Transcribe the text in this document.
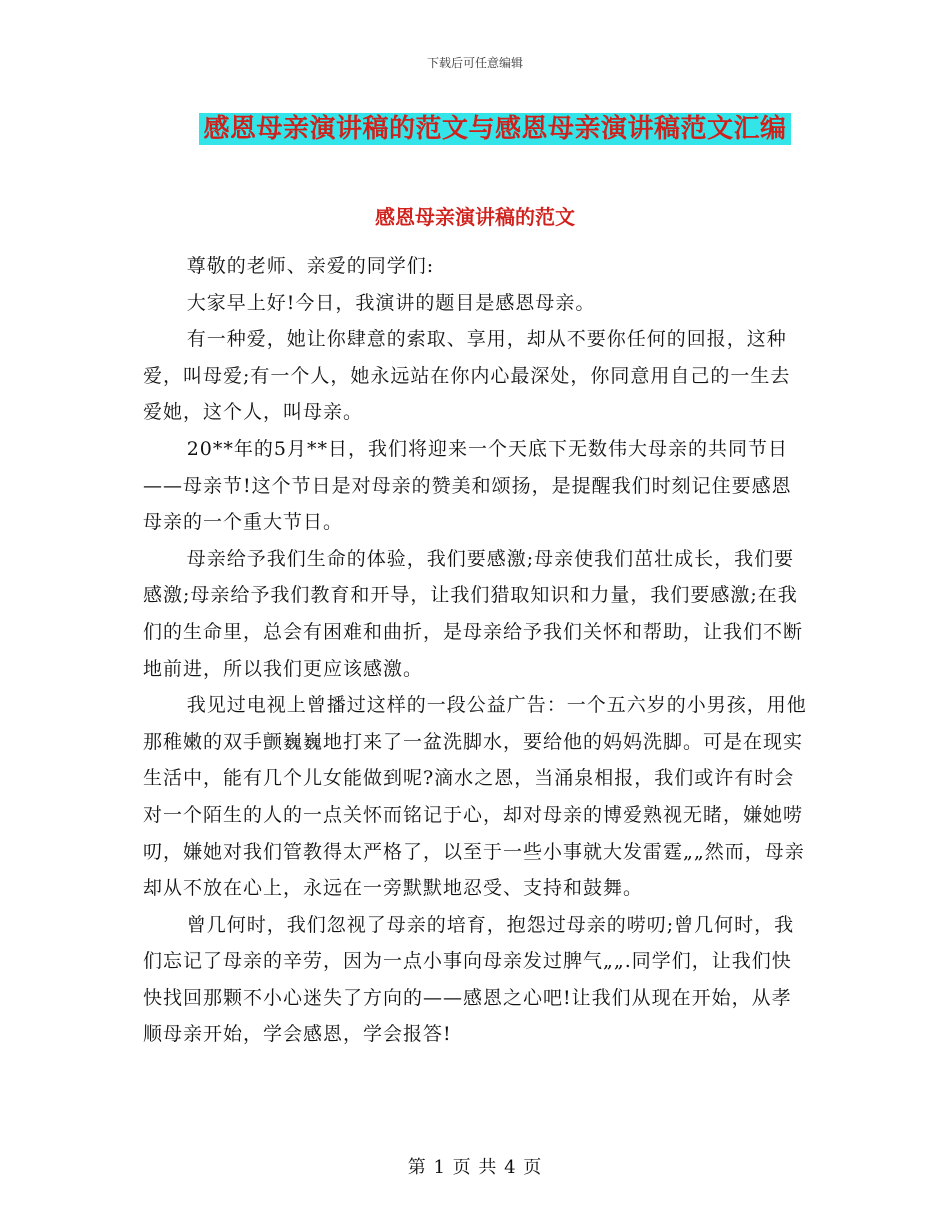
下载后可任意编辑
感恩母亲演讲稿的范文与感恩母亲演讲稿范文汇编
感恩母亲演讲稿的范文

尊敬的老师、亲爱的同学们:

大家早上好!今日，我演讲的题目是感恩母亲。

有一种爱，她让你肆意的索取、享用，却从不要你任何的回报，这种爱，叫母爱;有一个人，她永远站在你内心最深处，你同意用自己的一生去爱她，这个人，叫母亲。

20**年的5月**日，我们将迎来一个天底下无数伟大母亲的共同节日——母亲节!这个节日是对母亲的赞美和颂扬，是提醒我们时刻记住要感恩母亲的一个重大节日。

母亲给予我们生命的体验，我们要感激;母亲使我们茁壮成长，我们要感激;母亲给予我们教育和开导，让我们猎取知识和力量，我们要感激;在我们的生命里，总会有困难和曲折，是母亲给予我们关怀和帮助，让我们不断地前进，所以我们更应该感激。

我见过电视上曾播过这样的一段公益广告：一个五六岁的小男孩，用他那稚嫩的双手颤巍巍地打来了一盆洗脚水，要给他的妈妈洗脚。可是在现实生活中，能有几个儿女能做到呢?滴水之恩，当涌泉相报，我们或许有时会对一个陌生的人的一点关怀而铭记于心，却对母亲的博爱熟视无睹，嫌她唠叨，嫌她对我们管教得太严格了，以至于一些小事就大发雷霆„„然而，母亲却从不放在心上，永远在一旁默默地忍受、支持和鼓舞。

曾几何时，我们忽视了母亲的培育，抱怨过母亲的唠叨;曾几何时，我们忘记了母亲的辛劳，因为一点小事向母亲发过脾气„„.同学们，让我们快快找回那颗不小心迷失了方向的——感恩之心吧!让我们从现在开始，从孝顺母亲开始，学会感恩，学会报答!

第 1 页 共 4 页
